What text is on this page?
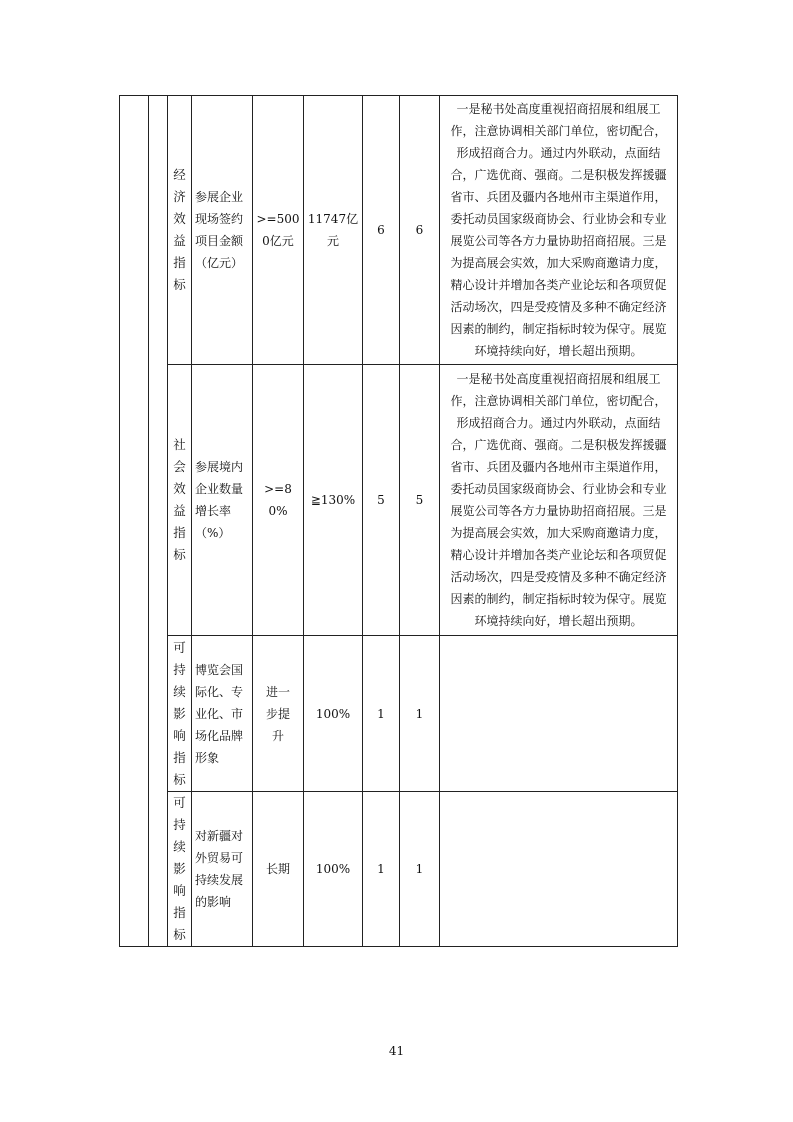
		经济效益指标	参展企业现场签约项目金额（亿元）	>=5000亿元	11747亿元	6	6	一是秘书处高度重视招商招展和组展工作，注意协调相关部门单位，密切配合，形成招商合力。通过内外联动，点面结合，广选优商、强商。二是积极发挥援疆省市、兵团及疆内各地州市主渠道作用，委托动员国家级商协会、行业协会和专业展览公司等各方力量协助招商招展。三是为提高展会实效，加大采购商邀请力度，精心设计并增加各类产业论坛和各项贸促活动场次，四是受疫情及多种不确定经济因素的制约，制定指标时较为保守。展览环境持续向好，增长超出预期。

		社会效益指标	参展境内企业数量增长率（%）	>=80%	≧130%	5	5	一是秘书处高度重视招商招展和组展工作，注意协调相关部门单位，密切配合，形成招商合力。通过内外联动，点面结合，广选优商、强商。二是积极发挥援疆省市、兵团及疆内各地州市主渠道作用，委托动员国家级商协会、行业协会和专业展览公司等各方力量协助招商招展。三是为提高展会实效，加大采购商邀请力度，精心设计并增加各类产业论坛和各项贸促活动场次，四是受疫情及多种不确定经济因素的制约，制定指标时较为保守。展览环境持续向好，增长超出预期。

		可持续影响指标	博览会国际化、专业化、市场化品牌形象	进一步提升	100%	1	1	

		可持续影响指标	对新疆对外贸易可持续发展的影响	长期	100%	1	1	
41
